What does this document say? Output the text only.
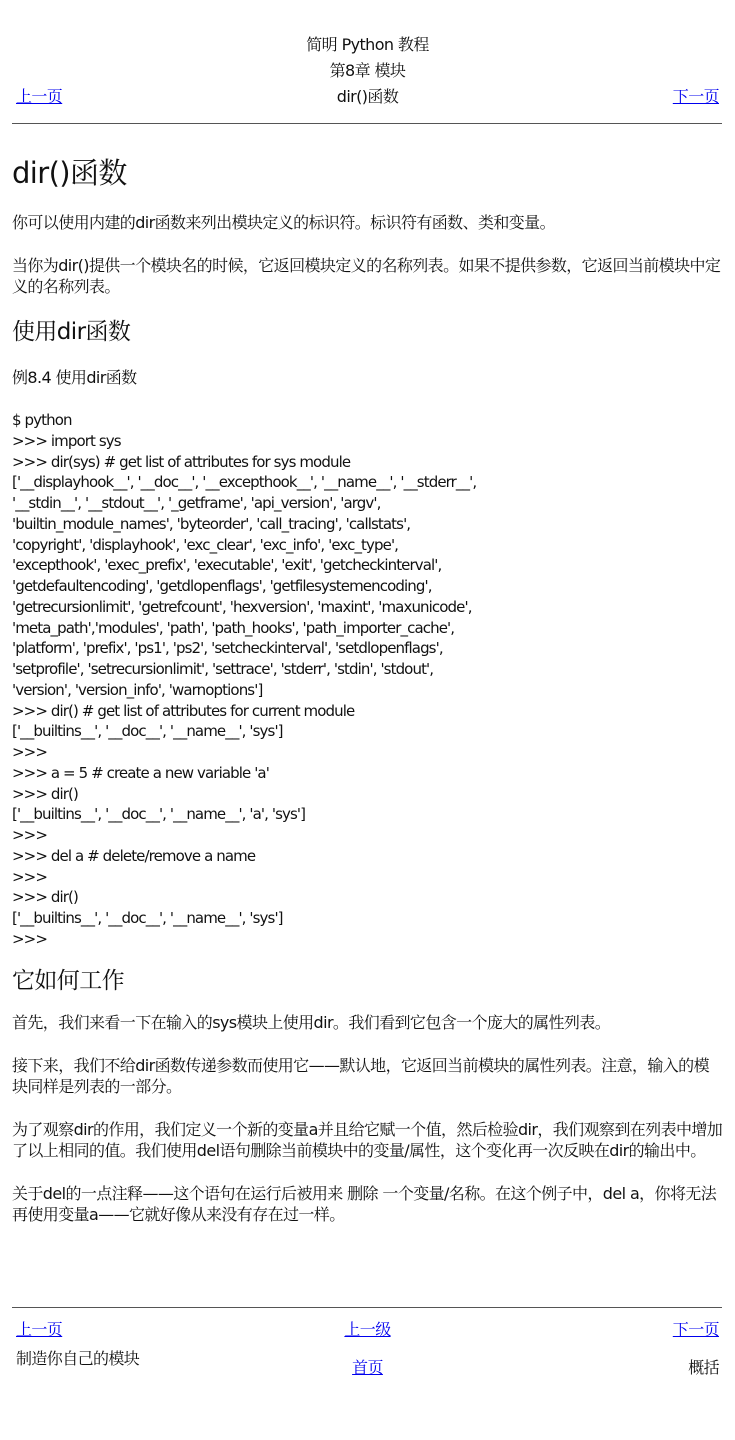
简明 Python 教程
第8章 模块
dir()函数
上一页	下一页
dir()函数

你可以使用内建的dir函数来列出模块定义的标识符。标识符有函数、类和变量。

当你为dir()提供一个模块名的时候，它返回模块定义的名称列表。如果不提供参数，它返回当前模块中定义的名称列表。

使用dir函数

例8.4 使用dir函数

$ python
>>> import sys
>>> dir(sys) # get list of attributes for sys module
['__displayhook__', '__doc__', '__excepthook__', '__name__', '__stderr__',
'__stdin__', '__stdout__', '_getframe', 'api_version', 'argv',
'builtin_module_names', 'byteorder', 'call_tracing', 'callstats',
'copyright', 'displayhook', 'exc_clear', 'exc_info', 'exc_type',
'excepthook', 'exec_prefix', 'executable', 'exit', 'getcheckinterval',
'getdefaultencoding', 'getdlopenflags', 'getfilesystemencoding',
'getrecursionlimit', 'getrefcount', 'hexversion', 'maxint', 'maxunicode',
'meta_path','modules', 'path', 'path_hooks', 'path_importer_cache',
'platform', 'prefix', 'ps1', 'ps2', 'setcheckinterval', 'setdlopenflags',
'setprofile', 'setrecursionlimit', 'settrace', 'stderr', 'stdin', 'stdout',
'version', 'version_info', 'warnoptions']
>>> dir() # get list of attributes for current module
['__builtins__', '__doc__', '__name__', 'sys']
>>>
>>> a = 5 # create a new variable 'a'
>>> dir()
['__builtins__', '__doc__', '__name__', 'a', 'sys']
>>>
>>> del a # delete/remove a name
>>>
>>> dir()
['__builtins__', '__doc__', '__name__', 'sys']
>>>
它如何工作

首先，我们来看一下在输入的sys模块上使用dir。我们看到它包含一个庞大的属性列表。

接下来，我们不给dir函数传递参数而使用它——默认地，它返回当前模块的属性列表。注意，输入的模块同样是列表的一部分。

为了观察dir的作用，我们定义一个新的变量a并且给它赋一个值，然后检验dir，我们观察到在列表中增加了以上相同的值。我们使用del语句删除当前模块中的变量/属性，这个变化再一次反映在dir的输出中。

关于del的一点注释——这个语句在运行后被用来 删除 一个变量/名称。在这个例子中，del a，你将无法再使用变量a——它就好像从来没有存在过一样。

上一页	上一级	下一页
制造你自己的模块	首页	概括
